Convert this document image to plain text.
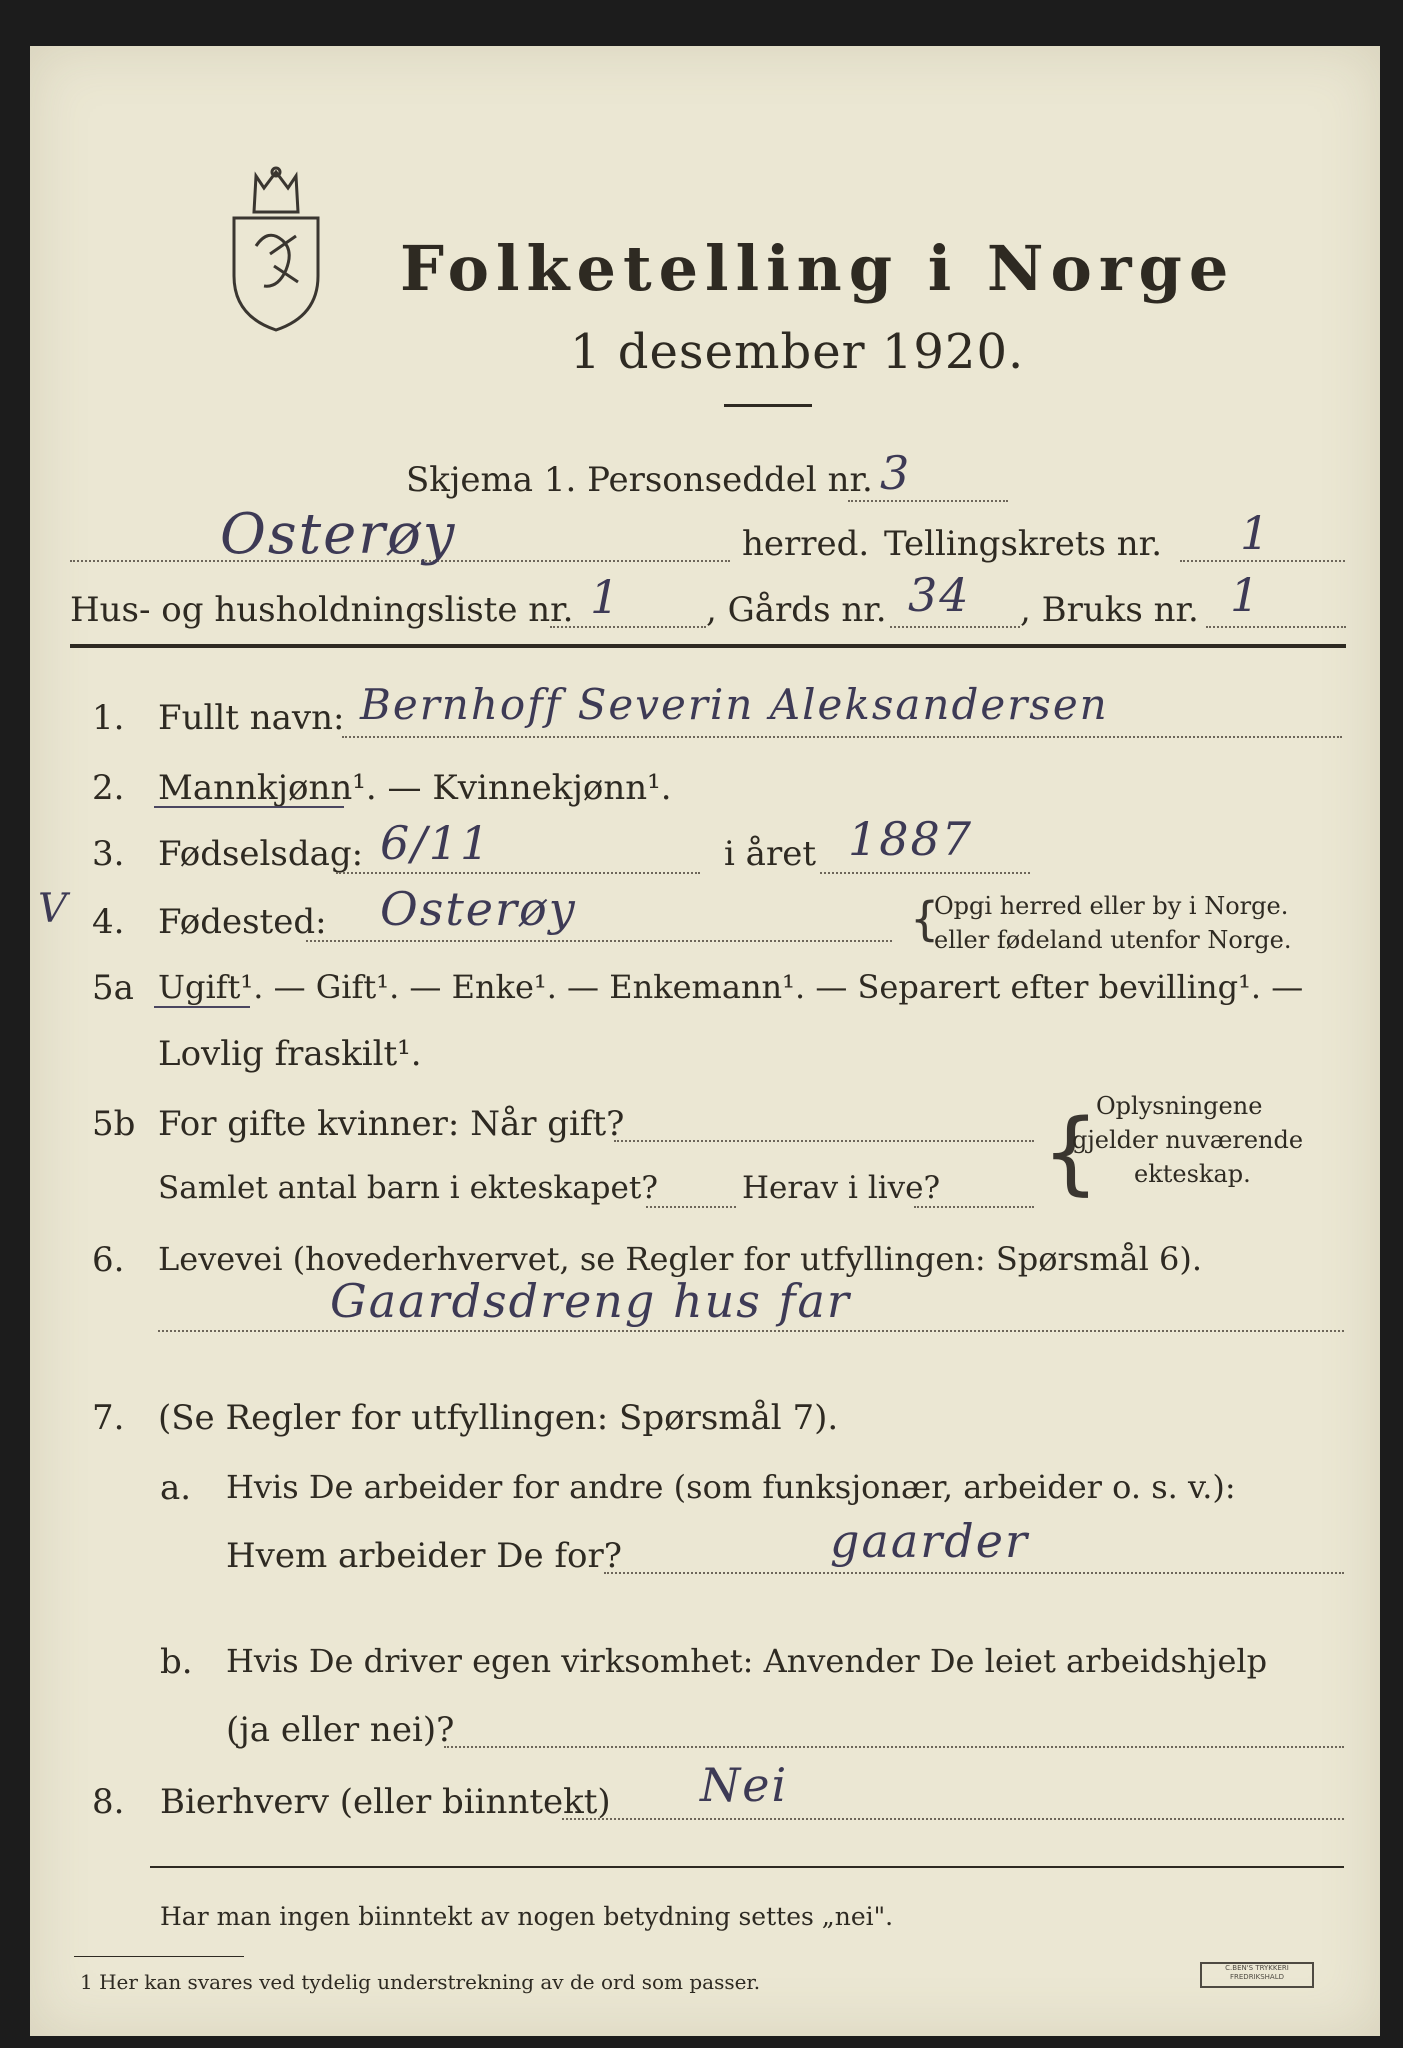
Folketelling i Norge
1 desember 1920.
Skjema 1. Personseddel nr. 3
Osterøy	herred. Tellingskrets nr. 1
Hus- og husholdningsliste nr. 1 , Gårds nr. 34 , Bruks nr. 1
1. Fullt navn: Bernhoff Severin Aleksandersen
2. Mannkjønn¹. — Kvinnekjønn¹.
3. Fødselsdag: 6/11	i året 1887
V 4. Fødested: Osterøy	{
Opgi herred eller by i Norge.
eller fødeland utenfor Norge.
5a Ugift¹. — Gift¹. — Enke¹. — Enkemann¹. — Separert efter bevilling¹. —
Lovlig fraskilt¹.
5b For gifte kvinner: Når gift?
Samlet antal barn i ekteskapet?	Herav i live? {
Oplysningene
gjelder nuværende
ekteskap.
6. Levevei (hovederhvervet, se Regler for utfyllingen: Spørsmål 6).
Gaardsdreng hus far
7. (Se Regler for utfyllingen: Spørsmål 7).
a. Hvis De arbeider for andre (som funksjonær, arbeider o. s. v.):
Hvem arbeider De for?	gaarder
b. Hvis De driver egen virksomhet: Anvender De leiet arbeidshjelp
(ja eller nei)?
8. Bierhverv (eller biinntekt) Nei
Har man ingen biinntekt av nogen betydning settes „nei".
1 Her kan svares ved tydelig understrekning av de ord som passer.
C.BEN'S TRYKKERI
FREDRIKSHALD
